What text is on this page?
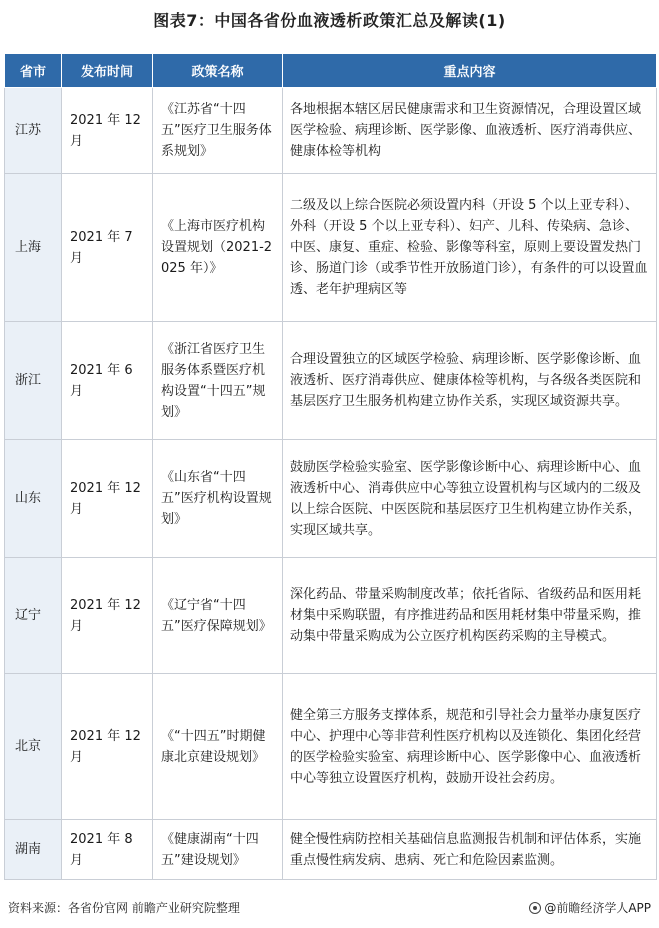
图表7：中国各省份血液透析政策汇总及解读(1)
省市	发布时间	政策名称	重点内容
江苏	2021 年 12 月	《江苏省“十四五”医疗卫生服务体系规划》	各地根据本辖区居民健康需求和卫生资源情况，合理设置区域医学检验、病理诊断、医学影像、血液透析、医疗消毒供应、健康体检等机构
上海	2021 年 7 月	《上海市医疗机构设置规划（2021-2025 年）》	二级及以上综合医院必须设置内科（开设 5 个以上亚专科）、外科（开设 5 个以上亚专科）、妇产、儿科、传染病、急诊、中医、康复、重症、检验、影像等科室，原则上要设置发热门诊、肠道门诊（或季节性开放肠道门诊），有条件的可以设置血透、老年护理病区等
浙江	2021 年 6 月	《浙江省医疗卫生服务体系暨医疗机构设置“十四五”规划》	合理设置独立的区域医学检验、病理诊断、医学影像诊断、血液透析、医疗消毒供应、健康体检等机构，与各级各类医院和基层医疗卫生服务机构建立协作关系，实现区域资源共享。
山东	2021 年 12 月	《山东省“十四五”医疗机构设置规划》	鼓励医学检验实验室、医学影像诊断中心、病理诊断中心、血液透析中心、消毒供应中心等独立设置机构与区域内的二级及以上综合医院、中医医院和基层医疗卫生机构建立协作关系，实现区域共享。
辽宁	2021 年 12 月	《辽宁省“十四五”医疗保障规划》	深化药品、带量采购制度改革；依托省际、省级药品和医用耗材集中采购联盟，有序推进药品和医用耗材集中带量采购，推动集中带量采购成为公立医疗机构医药采购的主导模式。
北京	2021 年 12 月	《“十四五”时期健康北京建设规划》	健全第三方服务支撑体系，规范和引导社会力量举办康复医疗中心、护理中心等非营利性医疗机构以及连锁化、集团化经营的医学检验实验室、病理诊断中心、医学影像中心、血液透析中心等独立设置医疗机构，鼓励开设社会药房。
湖南	2021 年 8 月	《健康湖南“十四五”建设规划》	健全慢性病防控相关基础信息监测报告机制和评估体系，实施重点慢性病发病、患病、死亡和危险因素监测。
资料来源：各省份官网 前瞻产业研究院整理	@前瞻经济学人APP
